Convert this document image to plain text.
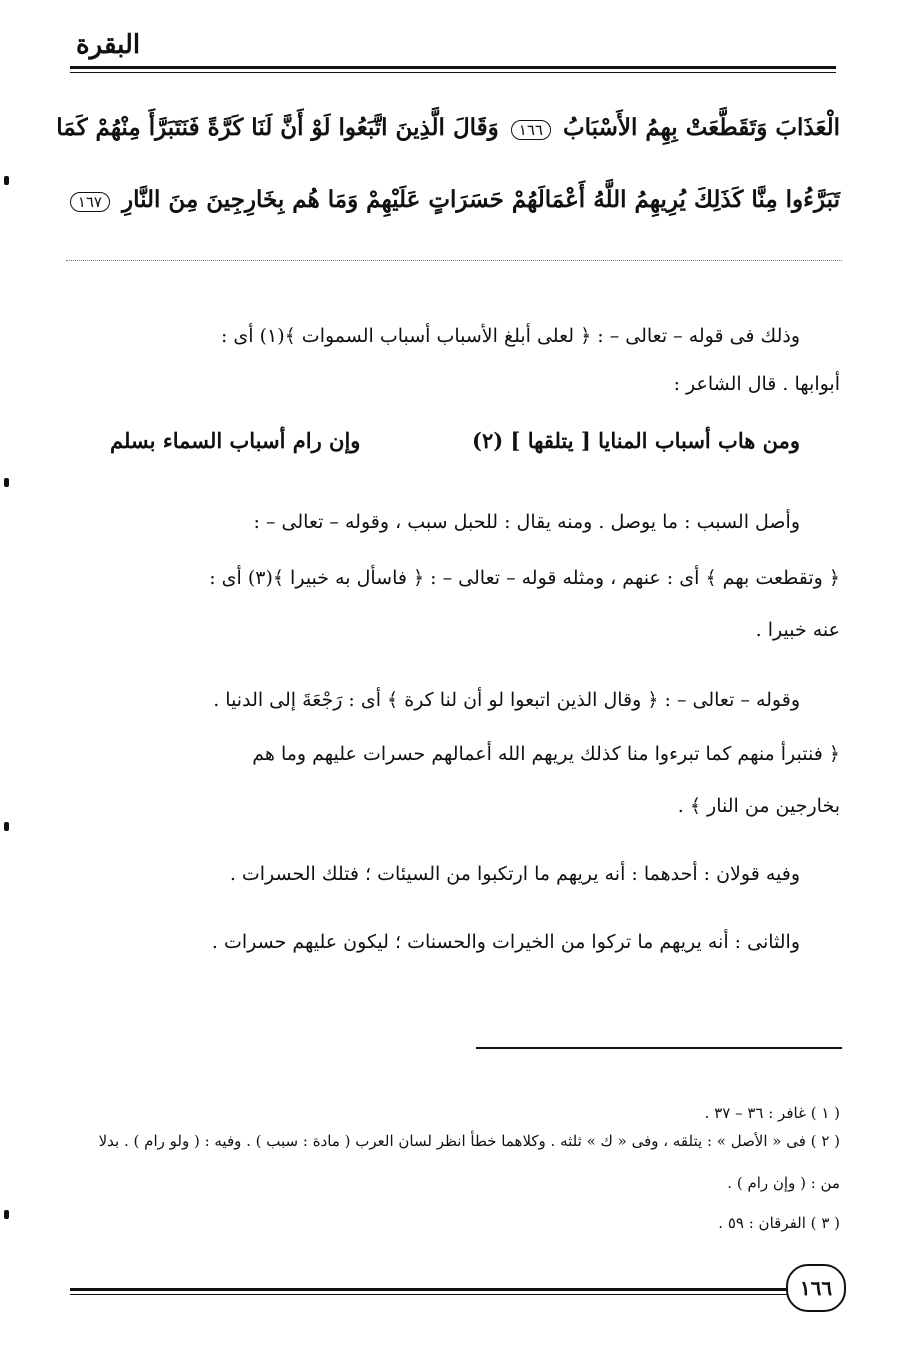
البقرة
الْعَذَابَ وَتَقَطَّعَتْ بِهِمُ الأَسْبَابُ ١٦٦ وَقَالَ الَّذِينَ اتَّبَعُوا لَوْ أَنَّ لَنَا كَرَّةً فَنَتَبَرَّأَ مِنْهُمْ كَمَا
تَبَرَّءُوا مِنَّا كَذَلِكَ يُرِيهِمُ اللَّهُ أَعْمَالَهُمْ حَسَرَاتٍ عَلَيْهِمْ وَمَا هُم بِخَارِجِينَ مِنَ النَّارِ ١٦٧
وذلك فى قوله – تعالى – : ﴿ لعلى أبلغ الأسباب أسباب السموات ﴾(١) أى :
أبوابها . قال الشاعر :
ومن هاب أسباب المنايا [ يتلقها ] (٢)
وإن رام أسباب السماء بسلم
وأصل السبب : ما يوصل . ومنه يقال : للحبل سبب ، وقوله – تعالى – :
﴿ وتقطعت بهم ﴾ أى : عنهم ، ومثله قوله – تعالى – : ﴿ فاسأل به خبيرا ﴾(٣) أى :
عنه خبيرا .
وقوله – تعالى – : ﴿ وقال الذين اتبعوا لو أن لنا كرة ﴾ أى : رَجْعَةَ إلى الدنيا .
﴿ فنتبرأ منهم كما تبرءوا منا كذلك يريهم الله أعمالهم حسرات عليهم وما هم
بخارجين من النار ﴾ .
وفيه قولان : أحدهما : أنه يريهم ما ارتكبوا من السيئات ؛ فتلك الحسرات .
والثانى : أنه يريهم ما تركوا من الخيرات والحسنات ؛ ليكون عليهم حسرات .
( ١ ) غافر : ٣٦ – ٣٧ .
( ٢ ) فى « الأصل » : يتلقه ، وفى « ك » ثلثه . وكلاهما خطأ انظر لسان العرب ( مادة : سبب ) . وفيه : ( ولو رام ) . بدلا
من : ( وإن رام ) .
( ٣ ) الفرقان : ٥٩ .
١٦٦
